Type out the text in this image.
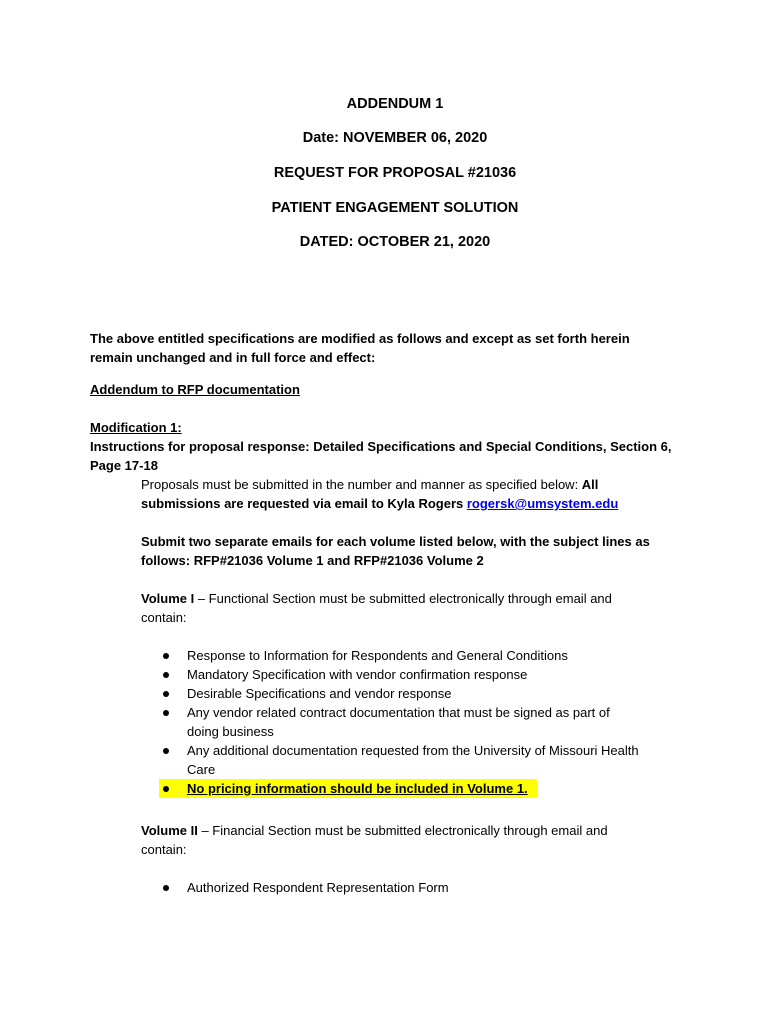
ADDENDUM 1
Date: NOVEMBER 06, 2020
REQUEST FOR PROPOSAL #21036
PATIENT ENGAGEMENT SOLUTION
DATED: OCTOBER 21, 2020
The above entitled specifications are modified as follows and except as set forth herein
remain unchanged and in full force and effect:
Addendum to RFP documentation
Modification 1:
Instructions for proposal response: Detailed Specifications and Special Conditions, Section 6,
Page 17-18
Proposals must be submitted in the number and manner as specified below: All
submissions are requested via email to Kyla Rogers rogersk@umsystem.edu
Submit two separate emails for each volume listed below, with the subject lines as
follows: RFP#21036 Volume 1 and RFP#21036 Volume 2
Volume I – Functional Section must be submitted electronically through email and
contain:
Response to Information for Respondents and General Conditions
Mandatory Specification with vendor confirmation response
Desirable Specifications and vendor response
Any vendor related contract documentation that must be signed as part of
doing business
Any additional documentation requested from the University of Missouri Health
Care
No pricing information should be included in Volume 1.
Volume II – Financial Section must be submitted electronically through email and
contain:
Authorized Respondent Representation Form
